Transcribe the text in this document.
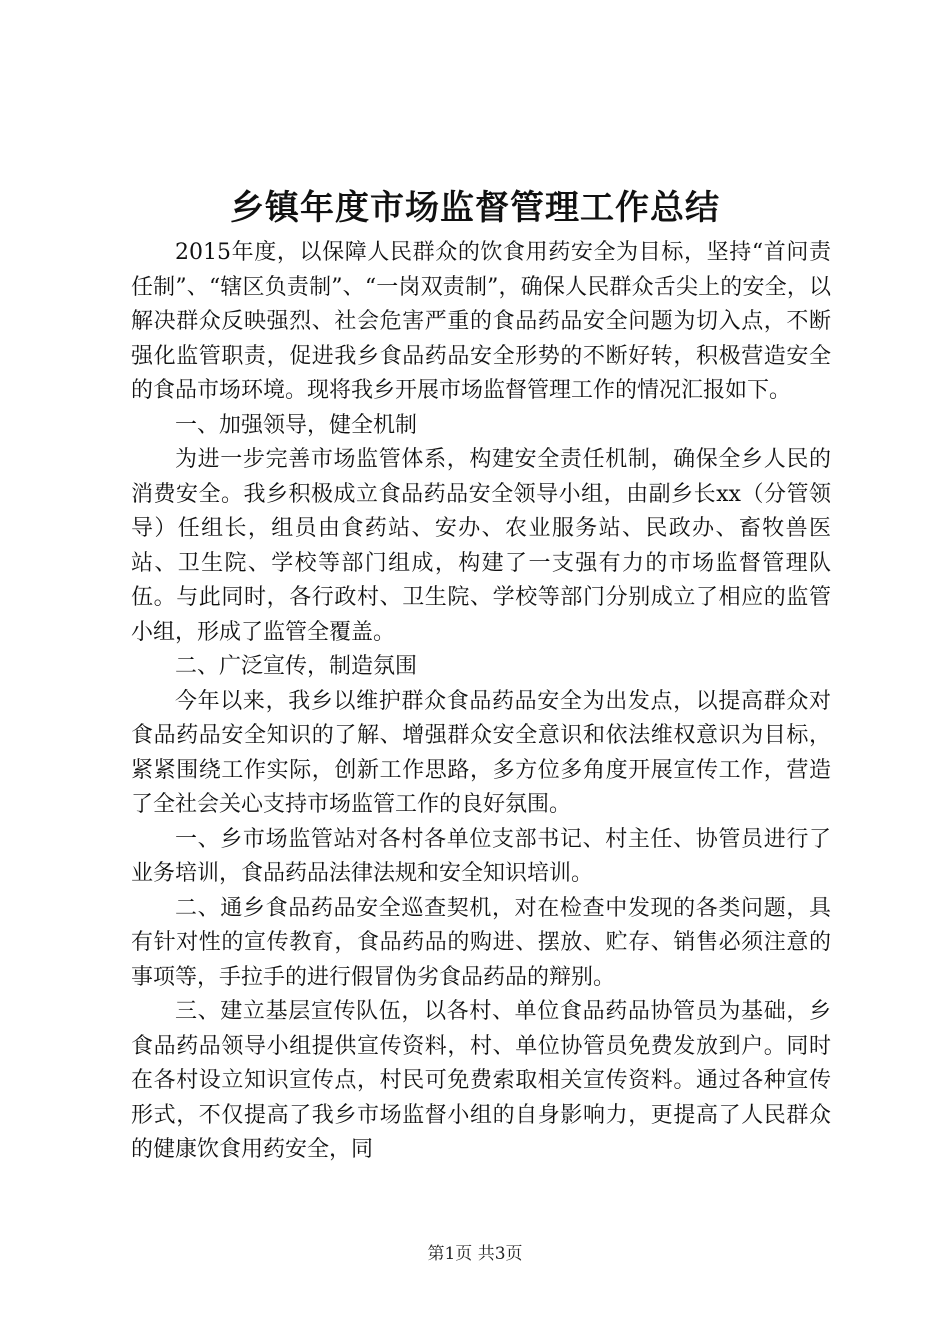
乡镇年度市场监督管理工作总结

2015年度，以保障人民群众的饮食用药安全为目标，坚持“首问责任制”、“辖区负责制”、“一岗双责制”，确保人民群众舌尖上的安全，以解决群众反映强烈、社会危害严重的食品药品安全问题为切入点，不断强化监管职责，促进我乡食品药品安全形势的不断好转，积极营造安全的食品市场环境。现将我乡开展市场监督管理工作的情况汇报如下。

一、加强领导，健全机制

为进一步完善市场监管体系，构建安全责任机制，确保全乡人民的消费安全。我乡积极成立食品药品安全领导小组，由副乡长xx（分管领导）任组长，组员由食药站、安办、农业服务站、民政办、畜牧兽医站、卫生院、学校等部门组成，构建了一支强有力的市场监督管理队伍。与此同时，各行政村、卫生院、学校等部门分别成立了相应的监管小组，形成了监管全覆盖。

二、广泛宣传，制造氛围

今年以来，我乡以维护群众食品药品安全为出发点，以提高群众对食品药品安全知识的了解、增强群众安全意识和依法维权意识为目标，紧紧围绕工作实际，创新工作思路，多方位多角度开展宣传工作，营造了全社会关心支持市场监管工作的良好氛围。

一、乡市场监管站对各村各单位支部书记、村主任、协管员进行了业务培训，食品药品法律法规和安全知识培训。

二、通乡食品药品安全巡查契机，对在检查中发现的各类问题，具有针对性的宣传教育，食品药品的购进、摆放、贮存、销售必须注意的事项等，手拉手的进行假冒伪劣食品药品的辩别。

三、建立基层宣传队伍，以各村、单位食品药品协管员为基础，乡食品药品领导小组提供宣传资料，村、单位协管员免费发放到户。同时在各村设立知识宣传点，村民可免费索取相关宣传资料。通过各种宣传形式，不仅提高了我乡市场监督小组的自身影响力，更提高了人民群众的健康饮食用药安全，同

第1页 共3页
